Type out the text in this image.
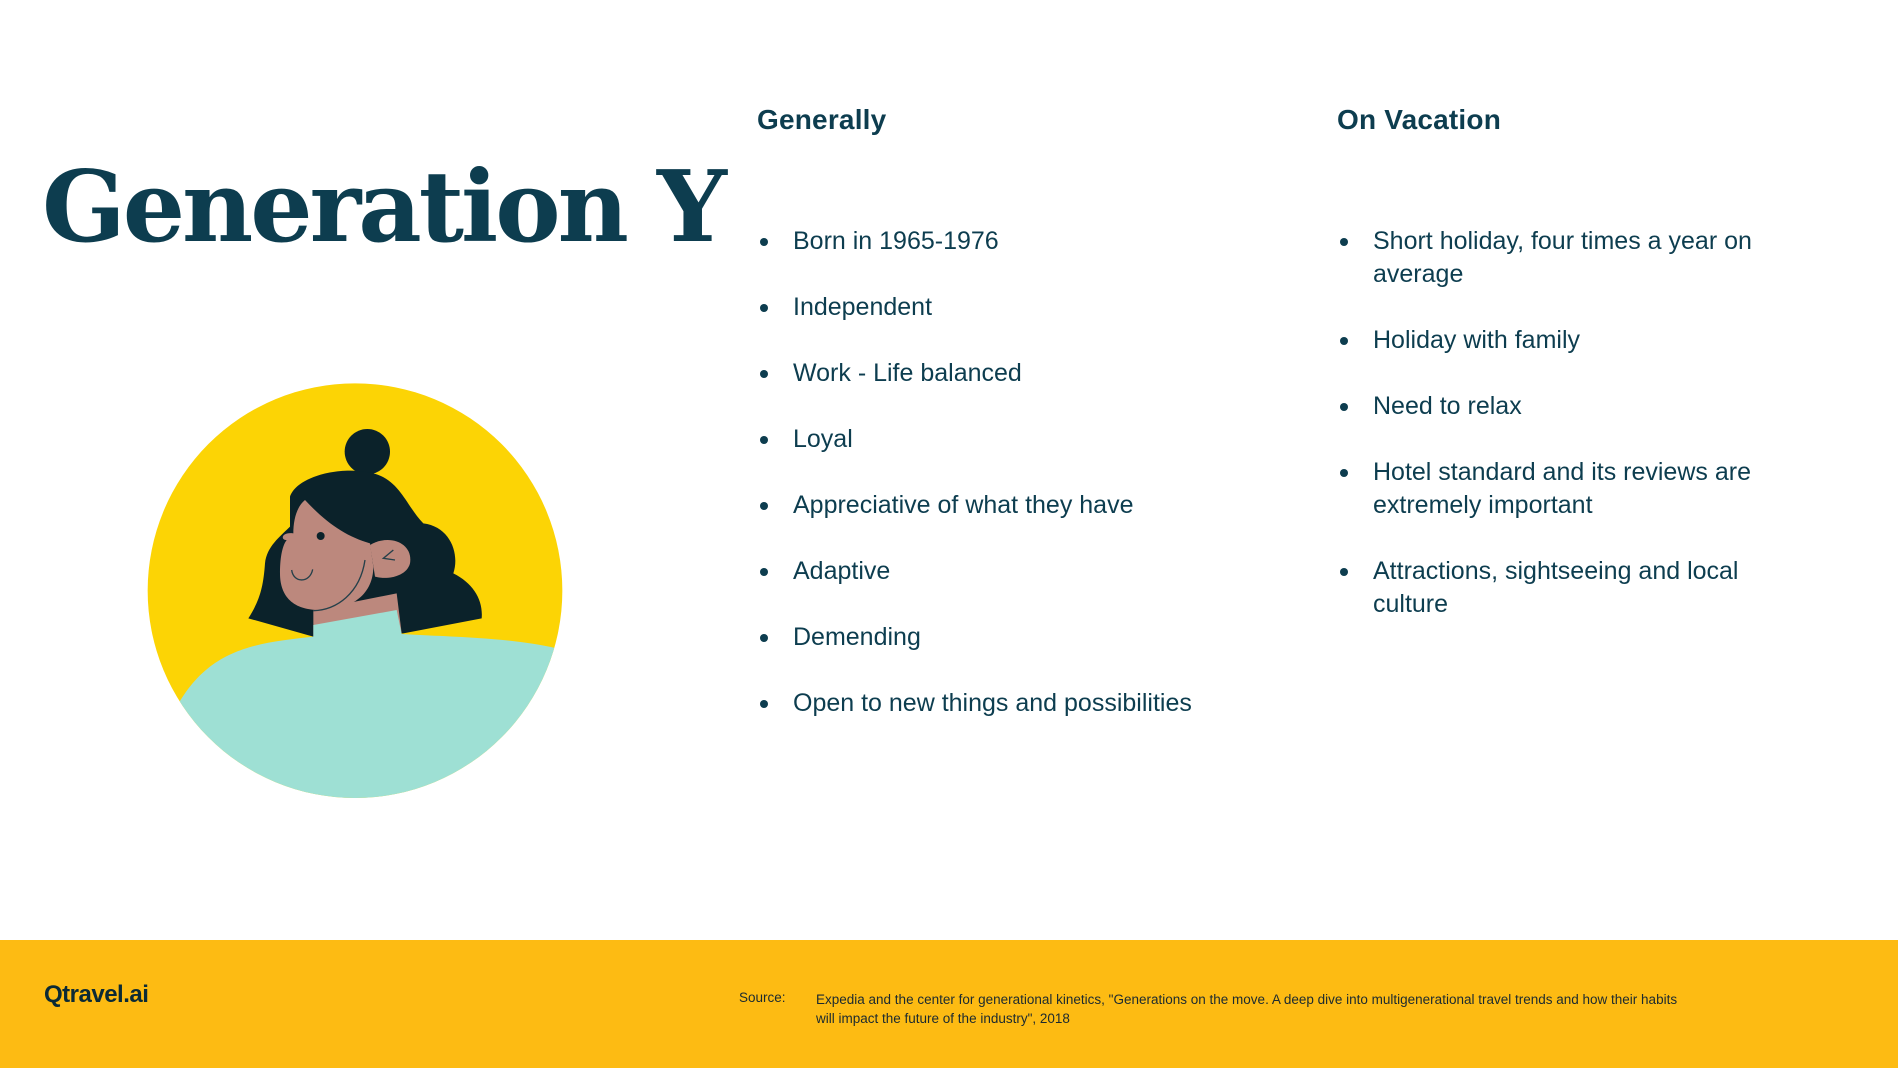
Generation Y
Generally
Born in 1965-1976
Independent
Work - Life balanced
Loyal
Appreciative of what they have
Adaptive
Demending
Open to new things and possibilities
On Vacation
Short holiday, four times a year on average
Holiday with family
Need to relax
Hotel standard and its reviews are extremely important
Attractions, sightseeing and local culture
Qtravel.ai	Source: Expedia and the center for generational kinetics, "Generations on the move. A deep dive into multigenerational travel trends and how their habits will impact the future of the industry", 2018
